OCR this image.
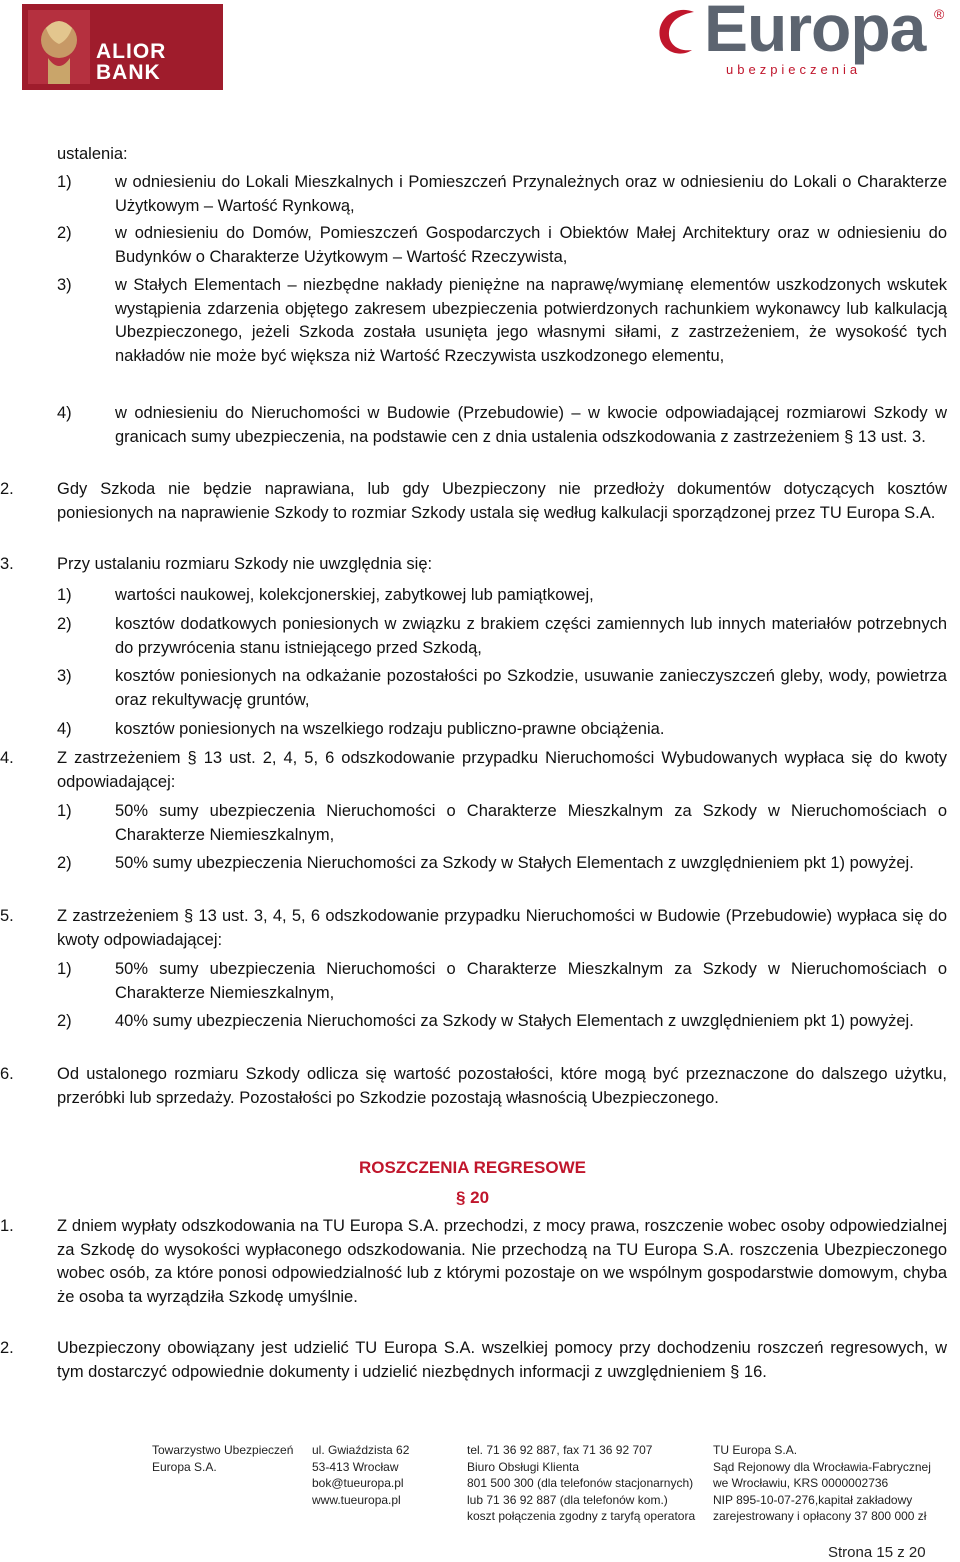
ALIOR
BANK
Europa ®
ubezpieczenia
ustalenia:
1)	w odniesieniu do Lokali Mieszkalnych i Pomieszczeń Przynależnych oraz w odniesieniu do Lokali o Charakterze Użytkowym – Wartość Rynkową,
2)	w odniesieniu do Domów, Pomieszczeń Gospodarczych i Obiektów Małej Architektury oraz w odniesieniu do Budynków o Charakterze Użytkowym – Wartość Rzeczywista,
3)	w Stałych Elementach – niezbędne nakłady pieniężne na naprawę/wymianę elementów uszkodzonych wskutek wystąpienia zdarzenia objętego zakresem ubezpieczenia potwierdzonych rachunkiem wykonawcy lub kalkulacją Ubezpieczonego, jeżeli Szkoda została usunięta jego własnymi siłami, z zastrzeżeniem, że wysokość tych nakładów nie może być większa niż Wartość Rzeczywista uszkodzonego elementu,
4)	w odniesieniu do Nieruchomości w Budowie (Przebudowie) – w kwocie odpowiadającej rozmiarowi Szkody w granicach sumy ubezpieczenia, na podstawie cen z dnia ustalenia odszkodowania z zastrzeżeniem § 13 ust. 3.
2.	Gdy Szkoda nie będzie naprawiana, lub gdy Ubezpieczony nie przedłoży dokumentów dotyczących kosztów poniesionych na naprawienie Szkody to rozmiar Szkody ustala się według kalkulacji sporządzonej przez TU Europa S.A.
3.	Przy ustalaniu rozmiaru Szkody nie uwzględnia się:
1)	wartości naukowej, kolekcjonerskiej, zabytkowej lub pamiątkowej,
2)	kosztów dodatkowych poniesionych w związku z brakiem części zamiennych lub innych materiałów potrzebnych do przywrócenia stanu istniejącego przed Szkodą,
3)	kosztów poniesionych na odkażanie pozostałości po Szkodzie, usuwanie zanieczyszczeń gleby, wody, powietrza oraz rekultywację gruntów,
4)	kosztów poniesionych na wszelkiego rodzaju publiczno-prawne obciążenia.
4.	Z zastrzeżeniem § 13 ust. 2, 4, 5, 6 odszkodowanie przypadku Nieruchomości Wybudowanych wypłaca się do kwoty odpowiadającej:
1)	50% sumy ubezpieczenia Nieruchomości o Charakterze Mieszkalnym za Szkody w Nieruchomościach o Charakterze Niemieszkalnym,
2)	50% sumy ubezpieczenia Nieruchomości za Szkody w Stałych Elementach z uwzględnieniem pkt 1) powyżej.
5.	Z zastrzeżeniem § 13 ust. 3, 4, 5, 6 odszkodowanie przypadku Nieruchomości w Budowie (Przebudowie) wypłaca się do kwoty odpowiadającej:
1)	50% sumy ubezpieczenia Nieruchomości o Charakterze Mieszkalnym za Szkody w Nieruchomościach o Charakterze Niemieszkalnym,
2)	40% sumy ubezpieczenia Nieruchomości za Szkody w Stałych Elementach z uwzględnieniem pkt 1) powyżej.
6.	Od ustalonego rozmiaru Szkody odlicza się wartość pozostałości, które mogą być przeznaczone do dalszego użytku, przeróbki lub sprzedaży. Pozostałości po Szkodzie pozostają własnością Ubezpieczonego.
ROSZCZENIA REGRESOWE
§ 20
1.	Z dniem wypłaty odszkodowania na TU Europa S.A. przechodzi, z mocy prawa, roszczenie wobec osoby odpowiedzialnej za Szkodę do wysokości wypłaconego odszkodowania. Nie przechodzą na TU Europa S.A. roszczenia Ubezpieczonego wobec osób, za które ponosi odpowiedzialność lub z którymi pozostaje on we wspólnym gospodarstwie domowym, chyba że osoba ta wyrządziła Szkodę umyślnie.
2.	Ubezpieczony obowiązany jest udzielić TU Europa S.A. wszelkiej pomocy przy dochodzeniu roszczeń regresowych, w tym dostarczyć odpowiednie dokumenty i udzielić niezbędnych informacji z uwzględnieniem § 16.
Towarzystwo Ubezpieczeń
Europa S.A.
ul. Gwiaździsta 62
53-413 Wrocław
bok@tueuropa.pl
www.tueuropa.pl
tel. 71 36 92 887, fax 71 36 92 707
Biuro Obsługi Klienta
801 500 300 (dla telefonów stacjonarnych)
lub 71 36 92 887 (dla telefonów kom.)
koszt połączenia zgodny z taryfą operatora
TU Europa S.A.
Sąd Rejonowy dla Wrocławia-Fabrycznej
we Wrocławiu, KRS 0000002736
NIP 895-10-07-276,kapitał zakładowy
zarejestrowany i opłacony 37 800 000 zł
Strona 15 z 20
